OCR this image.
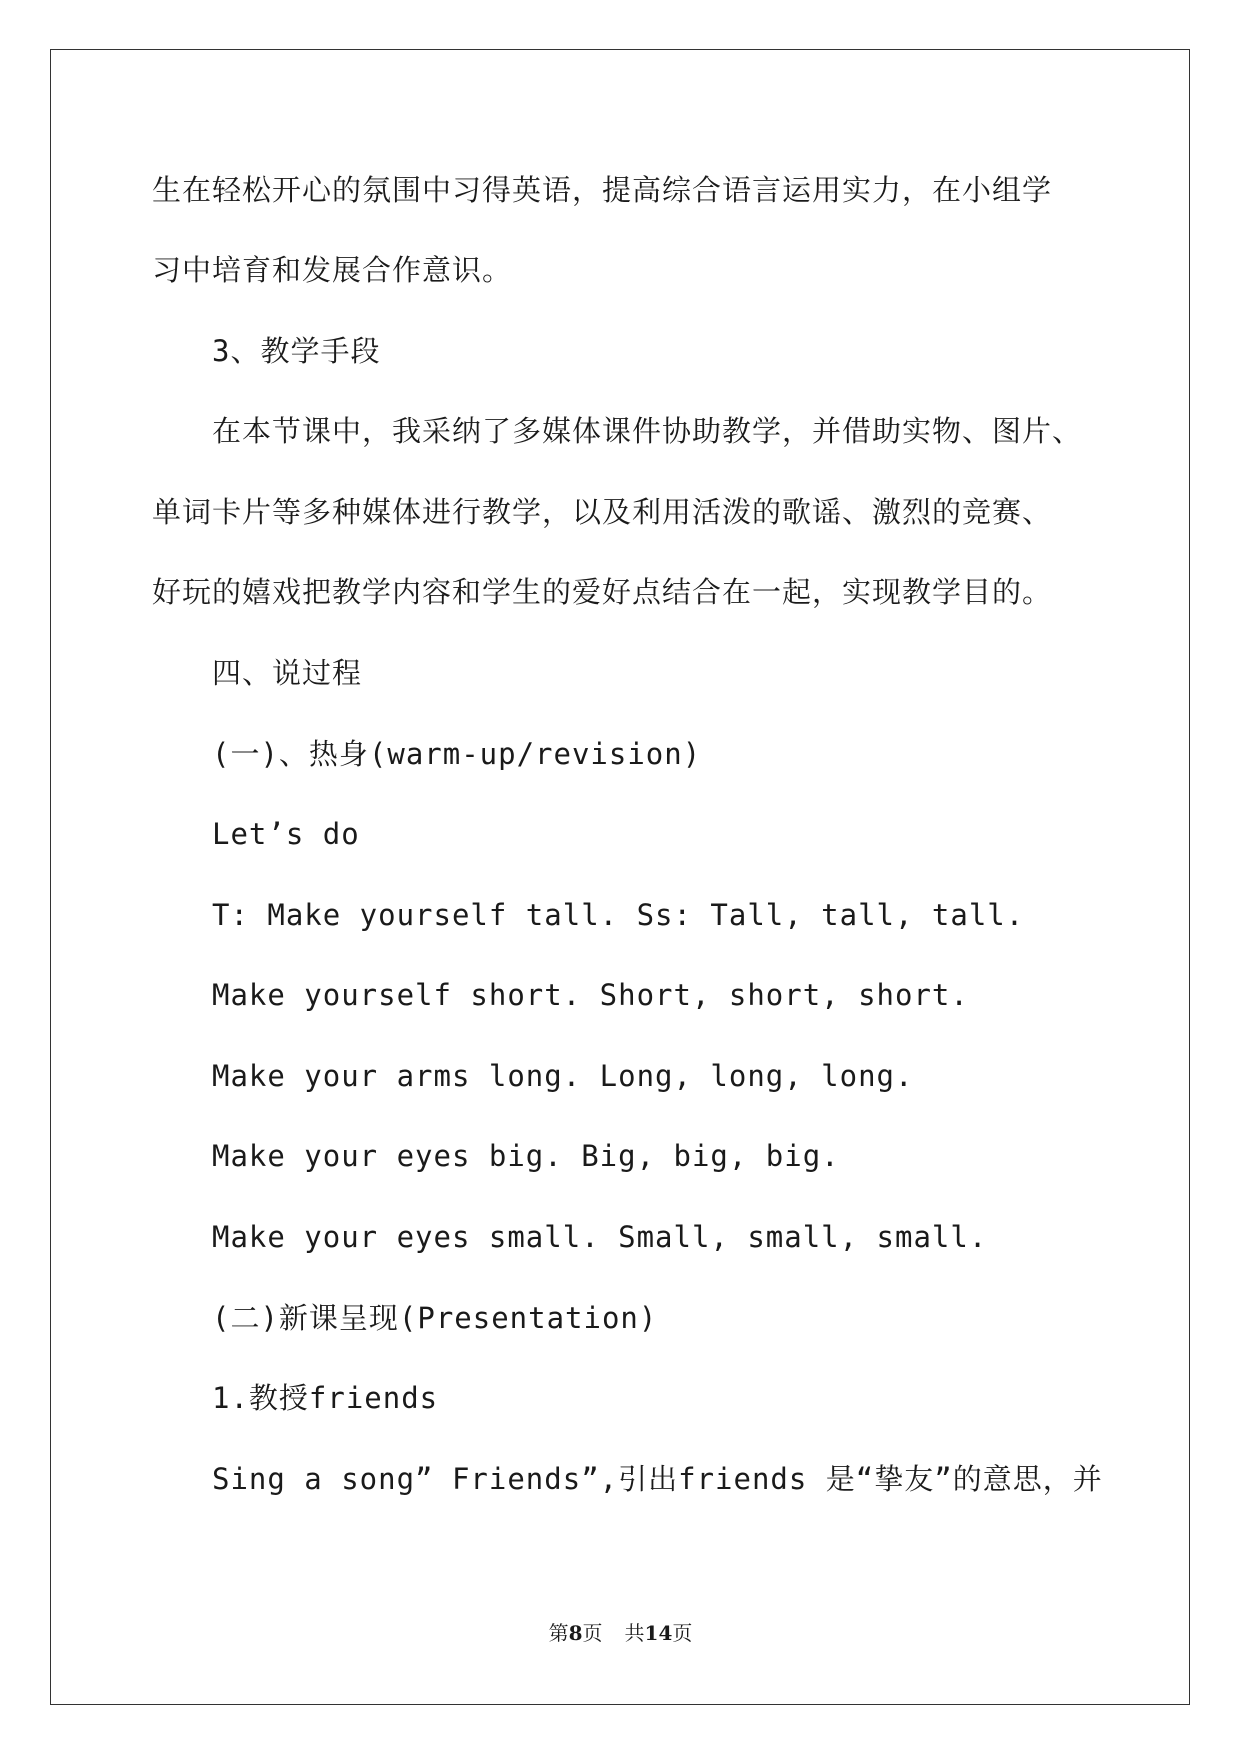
生在轻松开心的氛围中习得英语，提高综合语言运用实力，在小组学
习中培育和发展合作意识。
3、教学手段
在本节课中，我采纳了多媒体课件协助教学，并借助实物、图片、
单词卡片等多种媒体进行教学，以及利用活泼的歌谣、激烈的竞赛、
好玩的嬉戏把教学内容和学生的爱好点结合在一起，实现教学目的。
四、说过程
(一)、热身(warm-up/revision)
Let’s do
T: Make yourself tall. Ss: Tall, tall, tall.
Make yourself short. Short, short, short.
Make your arms long. Long, long, long.
Make your eyes big. Big, big, big.
Make your eyes small. Small, small, small.
(二)新课呈现(Presentation)
1.教授friends
Sing a song” Friends”,引出friends 是“挚友”的意思，并
第8页 共14页
